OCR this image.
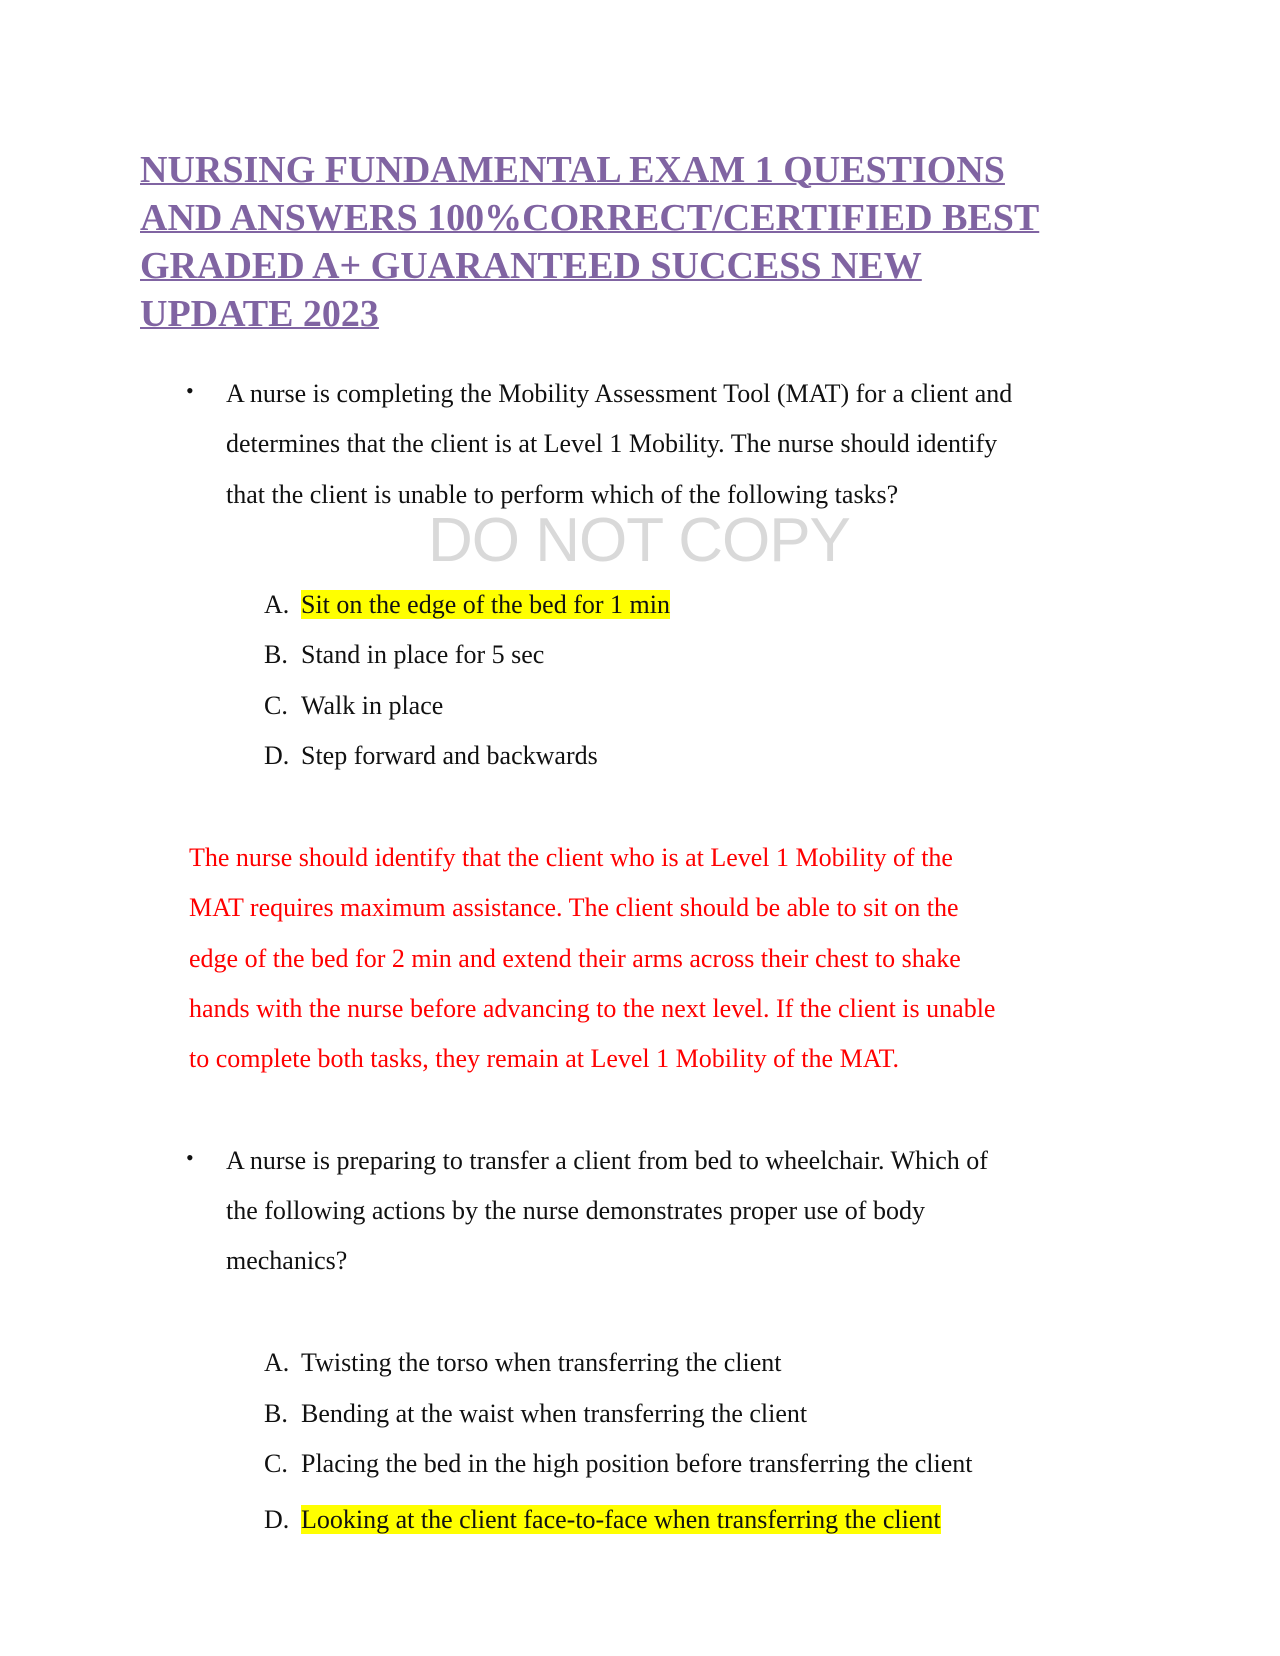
NURSING FUNDAMENTAL EXAM 1 QUESTIONS
AND ANSWERS 100%CORRECT/CERTIFIED BEST
GRADED A+ GUARANTEED SUCCESS NEW
UPDATE 2023
• A nurse is completing the Mobility Assessment Tool (MAT) for a client and
determines that the client is at Level 1 Mobility. The nurse should identify
that the client is unable to perform which of the following tasks?
DO NOT COPY
A. Sit on the edge of the bed for 1 min
B. Stand in place for 5 sec
C. Walk in place
D. Step forward and backwards
The nurse should identify that the client who is at Level 1 Mobility of the
MAT requires maximum assistance. The client should be able to sit on the
edge of the bed for 2 min and extend their arms across their chest to shake
hands with the nurse before advancing to the next level. If the client is unable
to complete both tasks, they remain at Level 1 Mobility of the MAT.
• A nurse is preparing to transfer a client from bed to wheelchair. Which of
the following actions by the nurse demonstrates proper use of body
mechanics?
A. Twisting the torso when transferring the client
B. Bending at the waist when transferring the client
C. Placing the bed in the high position before transferring the client
D. Looking at the client face-to-face when transferring the client
